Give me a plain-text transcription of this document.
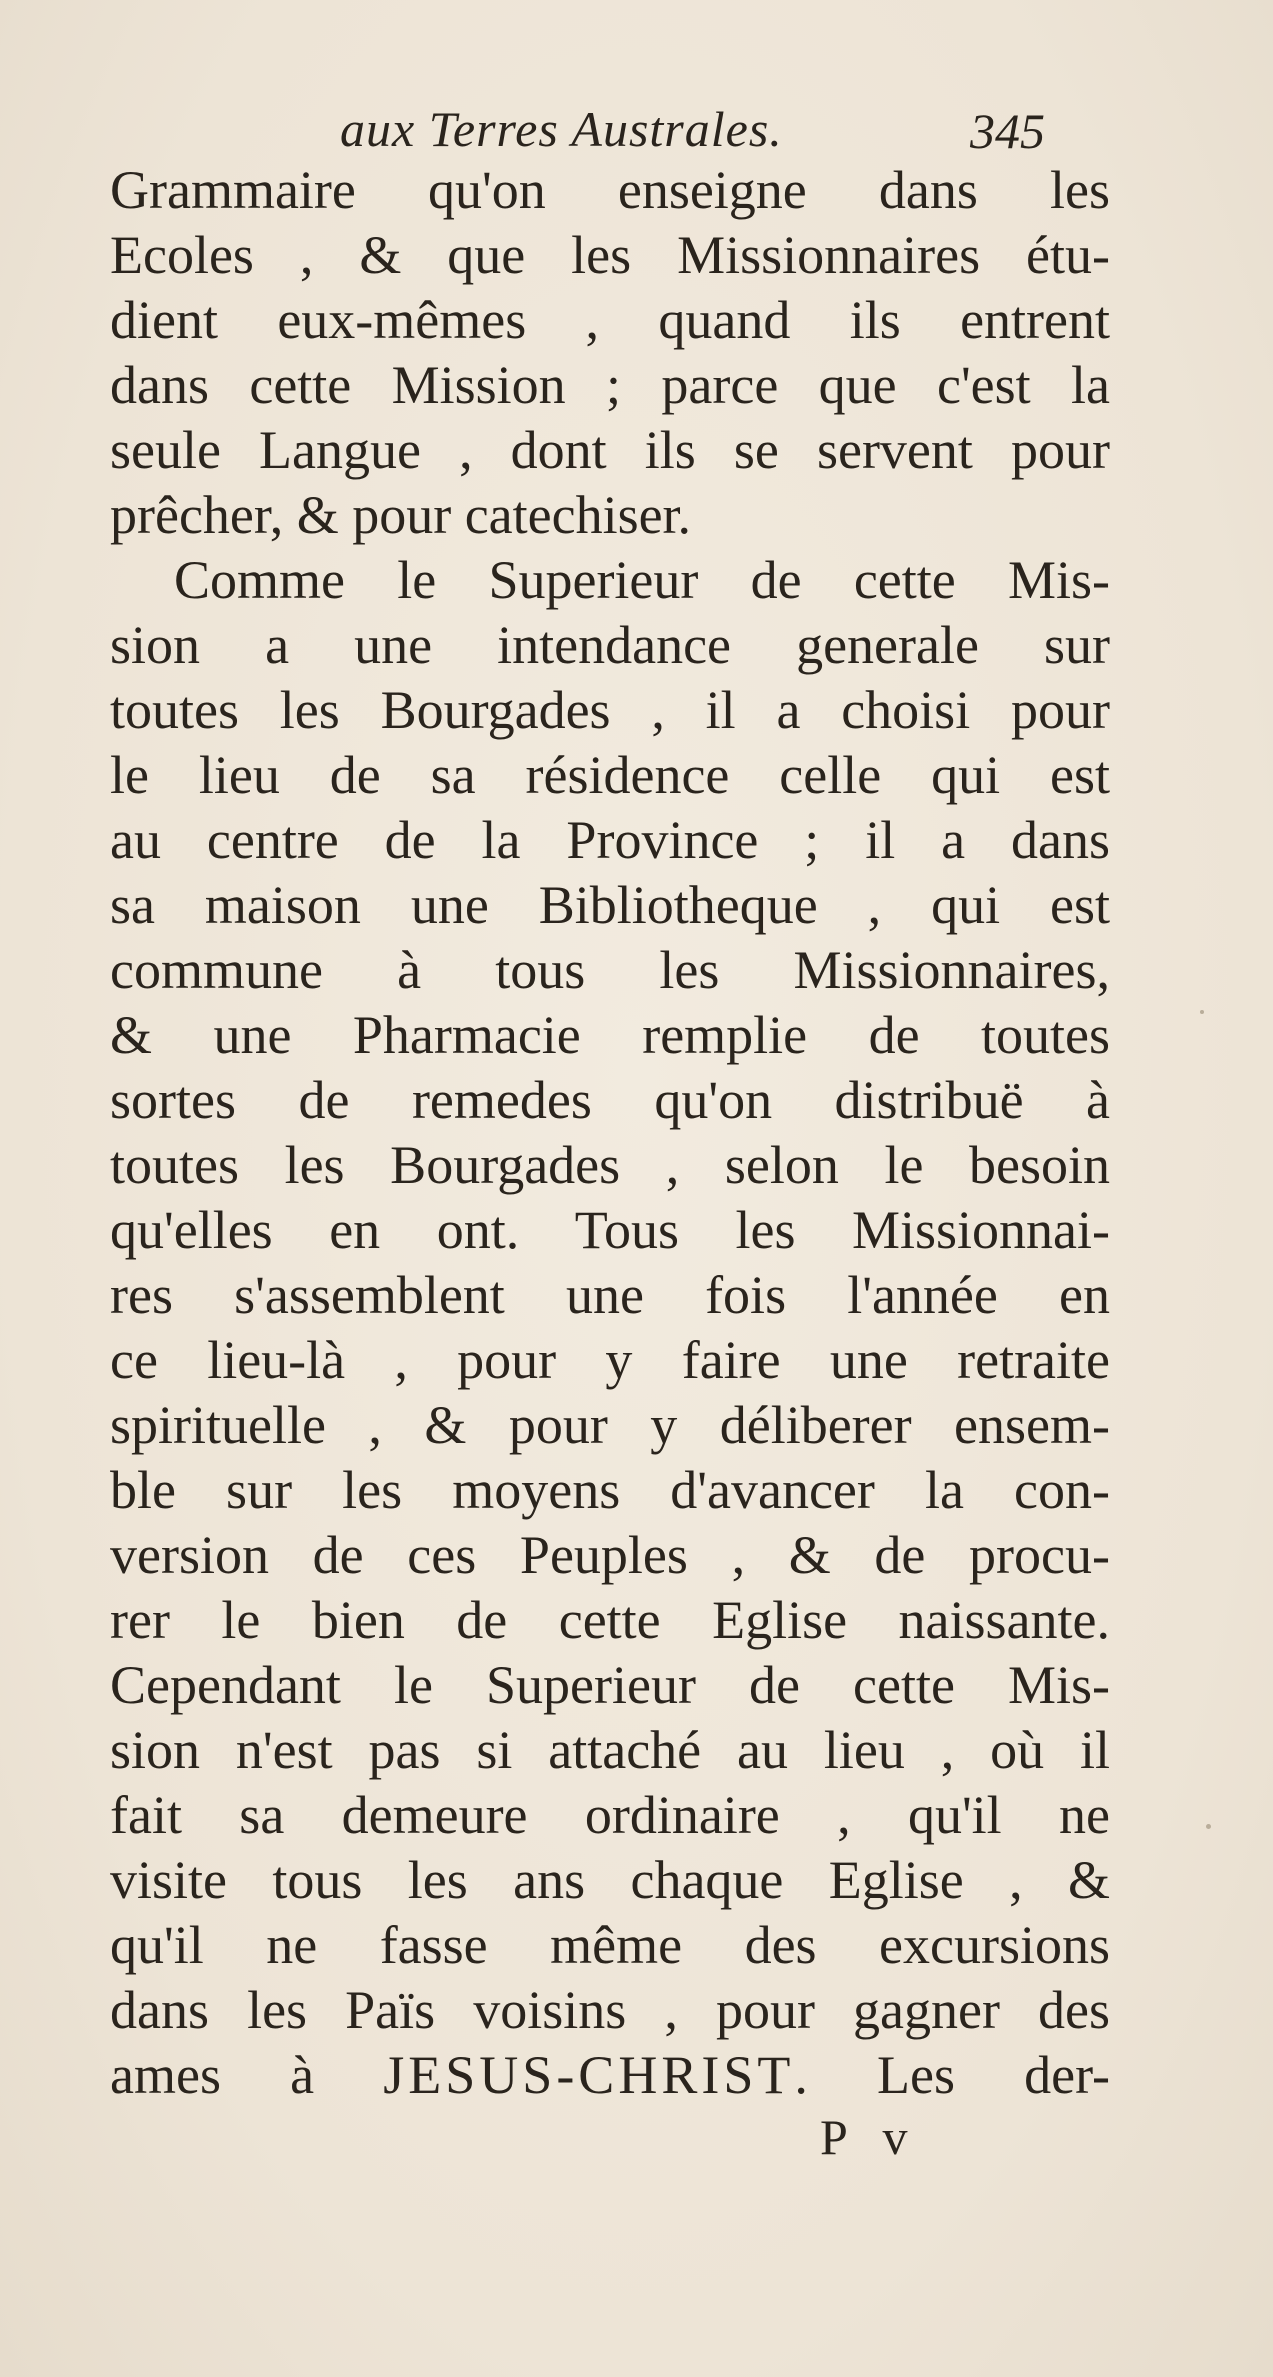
aux Terres Australes.	345
Grammaire qu'on enseigne dans les
Ecoles , & que les Missionnaires étu-
dient eux-mêmes , quand ils entrent
dans cette Mission ; parce que c'est la
seule Langue , dont ils se servent pour
prêcher, & pour catechiser.
Comme le Superieur de cette Mis-
sion a une intendance generale sur
toutes les Bourgades , il a choisi pour
le lieu de sa résidence celle qui est
au centre de la Province ; il a dans
sa maison une Bibliotheque , qui est
commune à tous les Missionnaires,
& une Pharmacie remplie de toutes
sortes de remedes qu'on distribuë à
toutes les Bourgades , selon le besoin
qu'elles en ont. Tous les Missionnai-
res s'assemblent une fois l'année en
ce lieu-là , pour y faire une retraite
spirituelle , & pour y déliberer ensem-
ble sur les moyens d'avancer la con-
version de ces Peuples , & de procu-
rer le bien de cette Eglise naissante.
Cependant le Superieur de cette Mis-
sion n'est pas si attaché au lieu , où il
fait sa demeure ordinaire , qu'il ne
visite tous les ans chaque Eglise , &
qu'il ne fasse même des excursions
dans les Païs voisins , pour gagner des
ames à JESUS-CHRIST. Les der-
P v
